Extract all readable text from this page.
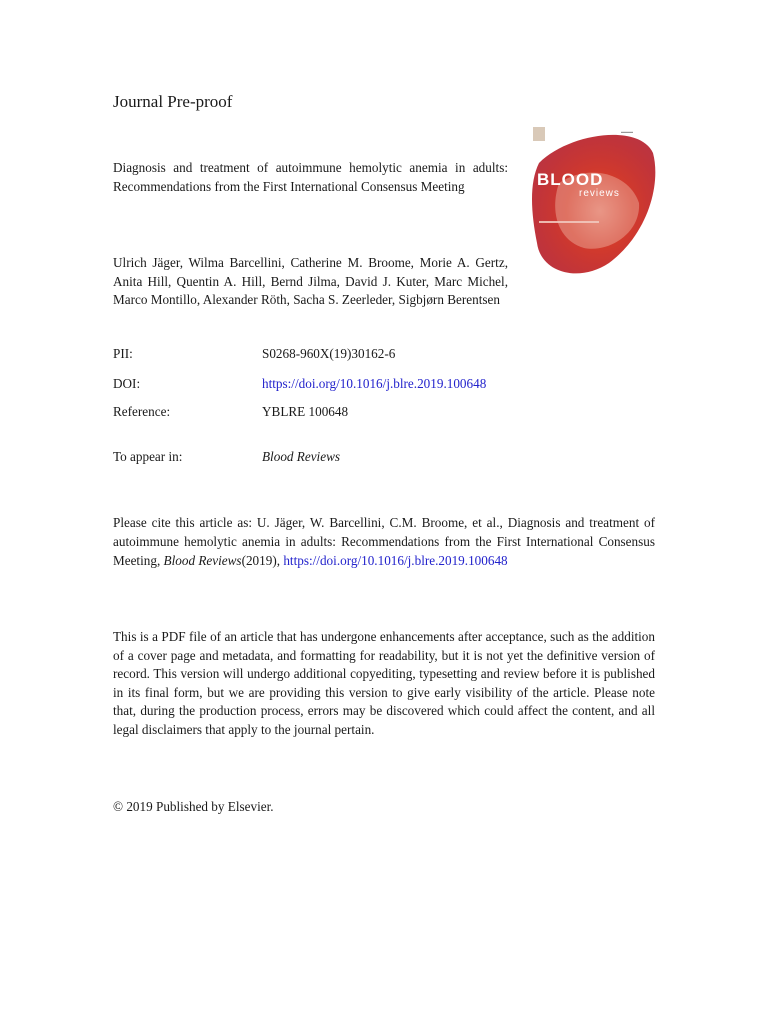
Journal Pre-proof
Diagnosis and treatment of autoimmune hemolytic anemia in adults: Recommendations from the First International Consensus Meeting
Ulrich Jäger, Wilma Barcellini, Catherine M. Broome, Morie A. Gertz, Anita Hill, Quentin A. Hill, Bernd Jilma, David J. Kuter, Marc Michel, Marco Montillo, Alexander Röth, Sacha S. Zeerleder, Sigbjørn Berentsen
▬▬▬
BLOOD
reviews
PII:	S0268-960X(19)30162-6
DOI:	https://doi.org/10.1016/j.blre.2019.100648
Reference:	YBLRE 100648
To appear in:	Blood Reviews
Please cite this article as: U. Jäger, W. Barcellini, C.M. Broome, et al., Diagnosis and treatment of autoimmune hemolytic anemia in adults: Recommendations from the First International Consensus Meeting, Blood Reviews(2019), https://doi.org/10.1016/j.blre.2019.100648
This is a PDF file of an article that has undergone enhancements after acceptance, such as the addition of a cover page and metadata, and formatting for readability, but it is not yet the definitive version of record. This version will undergo additional copyediting, typesetting and review before it is published in its final form, but we are providing this version to give early visibility of the article. Please note that, during the production process, errors may be discovered which could affect the content, and all legal disclaimers that apply to the journal pertain.
© 2019 Published by Elsevier.
